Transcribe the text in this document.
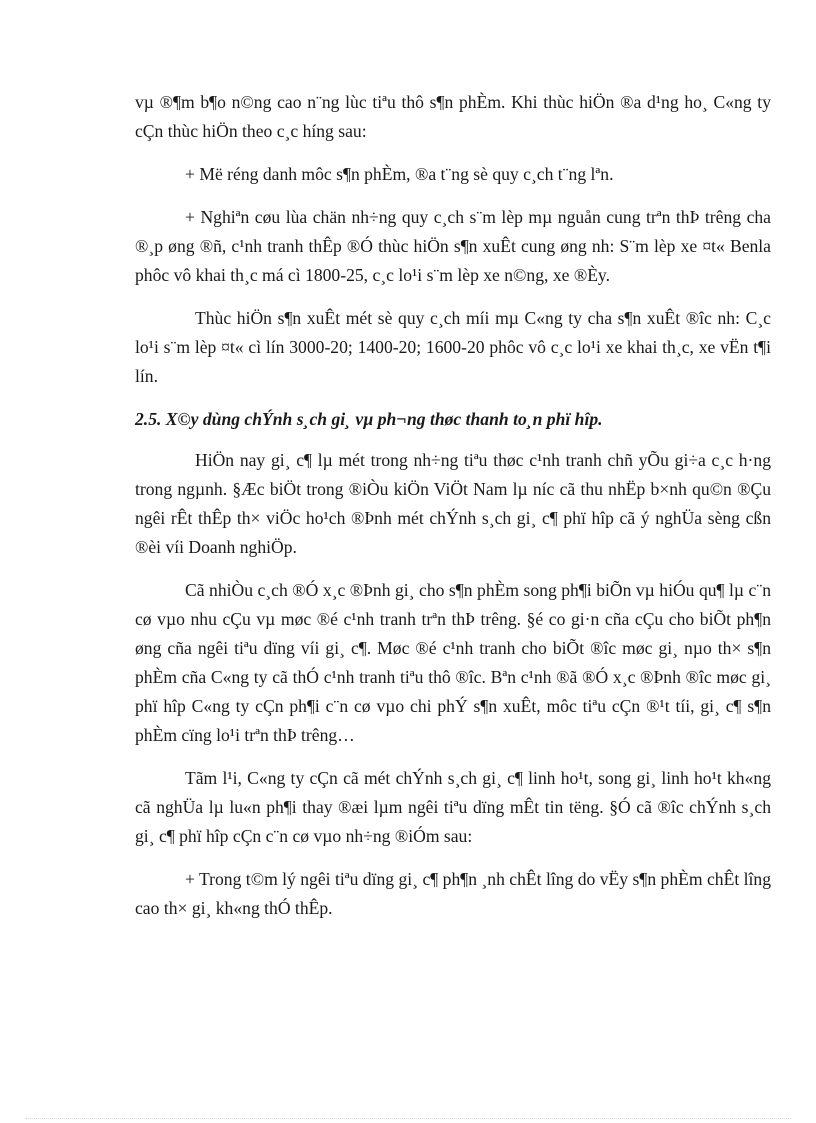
vµ ®¶m b¶o n©ng cao n¨ng lùc tiªu thô s¶n phÈm. Khi thùc hiÖn ®a d¹ng ho¸ C«ng ty cÇn thùc hiÖn theo c¸c híng sau:

+ Më réng danh môc s¶n phÈm, ®a t¨ng sè quy c¸ch t¨ng lªn.

+ Nghiªn cøu lùa chän nh÷ng quy c¸ch s¨m lèp mµ nguån cung trªn thÞ trêng cha ®¸p øng ®ñ, c¹nh tranh thÊp ®Ó thùc hiÖn s¶n xuÊt cung øng nh: S¨m lèp xe ¤t« Benla phôc vô khai th¸c má cì 1800-25, c¸c lo¹i s¨m lèp xe n©ng, xe ®Èy.

Thùc hiÖn s¶n xuÊt mét sè quy c¸ch míi mµ C«ng ty cha s¶n xuÊt ®îc nh: C¸c lo¹i s¨m lèp ¤t« cì lín 3000-20; 1400-20; 1600-20 phôc vô c¸c lo¹i xe khai th¸c, xe vËn t¶i lín.

2.5. X©y dùng chÝnh s¸ch gi¸ vµ ph¬ng thøc thanh to¸n phï hîp.

HiÖn nay gi¸ c¶ lµ mét trong nh÷ng tiªu thøc c¹nh tranh chñ yÕu gi÷a c¸c h·ng trong ngµnh. §Æc biÖt trong ®iÒu kiÖn ViÖt Nam lµ níc cã thu nhËp b×nh qu©n ®Çu ngêi rÊt thÊp th× viÖc ho¹ch ®Þnh mét chÝnh s¸ch gi¸ c¶ phï hîp cã ý nghÜa sèng cßn ®èi víi Doanh nghiÖp.

Cã nhiÒu c¸ch ®Ó x¸c ®Þnh gi¸ cho s¶n phÈm song ph¶i biÕn vµ hiÓu qu¶ lµ c¨n cø vµo nhu cÇu vµ møc ®é c¹nh tranh trªn thÞ trêng. §é co gi·n cña cÇu cho biÕt ph¶n øng cña ngêi tiªu dïng víi gi¸ c¶. Møc ®é c¹nh tranh cho biÕt ®îc møc gi¸ nµo th× s¶n phÈm cña C«ng ty cã thÓ c¹nh tranh tiªu thô ®îc. Bªn c¹nh ®ã ®Ó x¸c ®Þnh ®îc møc gi¸ phï hîp C«ng ty cÇn ph¶i c¨n cø vµo chi phÝ s¶n xuÊt, môc tiªu cÇn ®¹t tíi, gi¸ c¶ s¶n phÈm cïng lo¹i trªn thÞ trêng…

Tãm l¹i, C«ng ty cÇn cã mét chÝnh s¸ch gi¸ c¶ linh ho¹t, song gi¸ linh ho¹t kh«ng cã nghÜa lµ lu«n ph¶i thay ®æi lµm ngêi tiªu dïng mÊt tin tëng. §Ó cã ®îc chÝnh s¸ch gi¸ c¶ phï hîp cÇn c¨n cø vµo nh÷ng ®iÓm sau:

+ Trong t©m lý ngêi tiªu dïng gi¸ c¶ ph¶n ¸nh chÊt lîng do vËy s¶n phÈm chÊt lîng cao th× gi¸ kh«ng thÓ thÊp.
